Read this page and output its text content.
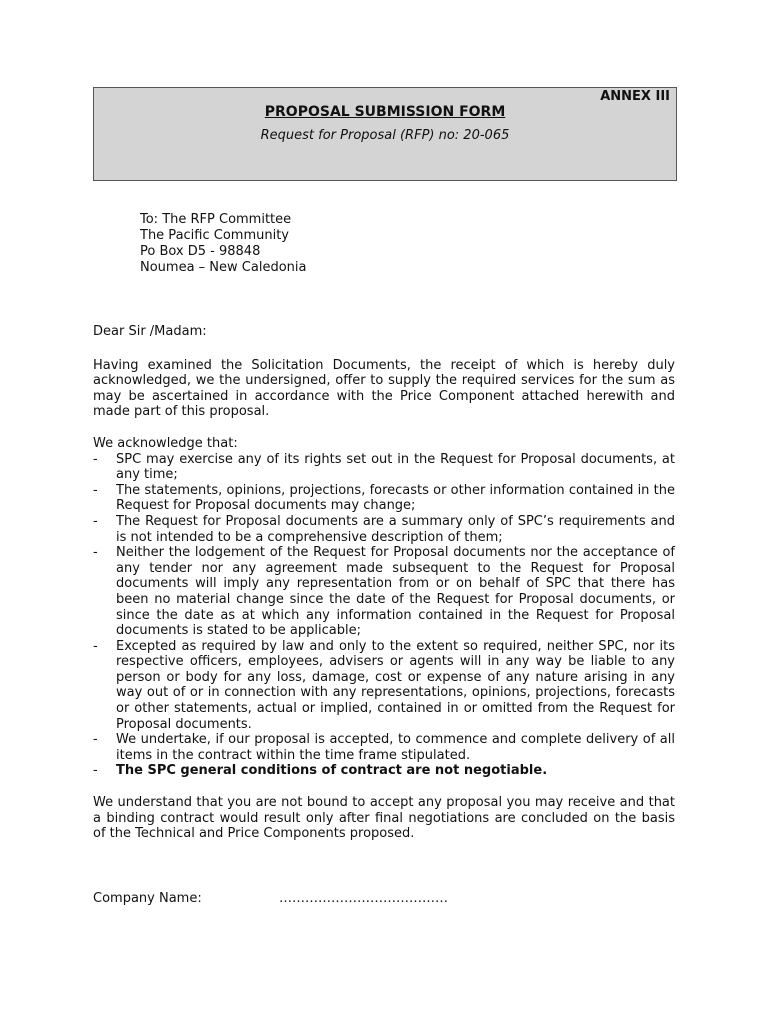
ANNEX III
PROPOSAL SUBMISSION FORM
Request for Proposal (RFP) no: 20-065
To: The RFP Committee
The Pacific Community
Po Box D5 - 98848
Noumea – New Caledonia
Dear Sir /Madam:
Having examined the Solicitation Documents, the receipt of which is hereby duly acknowledged, we the undersigned, offer to supply the required services for the sum as may be ascertained in accordance with the Price Component attached herewith and made part of this proposal.
We acknowledge that:
- SPC may exercise any of its rights set out in the Request for Proposal documents, at any time;
- The statements, opinions, projections, forecasts or other information contained in the Request for Proposal documents may change;
- The Request for Proposal documents are a summary only of SPC’s requirements and is not intended to be a comprehensive description of them;
- Neither the lodgement of the Request for Proposal documents nor the acceptance of any tender nor any agreement made subsequent to the Request for Proposal documents will imply any representation from or on behalf of SPC that there has been no material change since the date of the Request for Proposal documents, or since the date as at which any information contained in the Request for Proposal documents is stated to be applicable;
- Excepted as required by law and only to the extent so required, neither SPC, nor its respective officers, employees, advisers or agents will in any way be liable to any person or body for any loss, damage, cost or expense of any nature arising in any way out of or in connection with any representations, opinions, projections, forecasts or other statements, actual or implied, contained in or omitted from the Request for Proposal documents.
- We undertake, if our proposal is accepted, to commence and complete delivery of all items in the contract within the time frame stipulated.
- The SPC general conditions of contract are not negotiable.
We understand that you are not bound to accept any proposal you may receive and that a binding contract would result only after final negotiations are concluded on the basis of the Technical and Price Components proposed.
Company Name:	…………………………………
